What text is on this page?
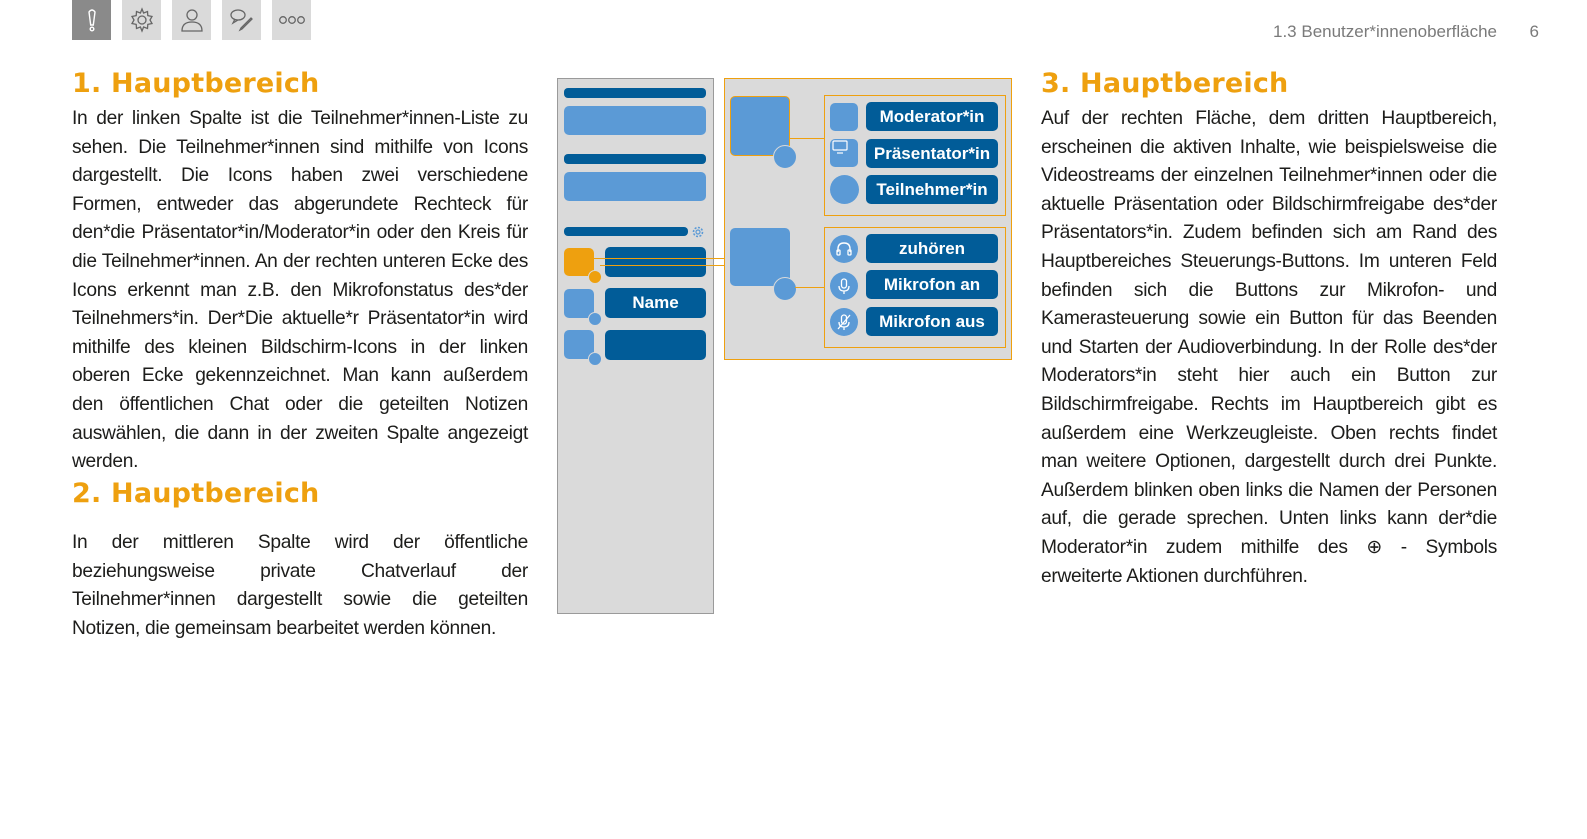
1.3 Benutzer*innenoberfläche 6
1. Hauptbereich

In der linken Spalte ist die Teilnehmer*innen-Liste zu sehen. Die Teilnehmer*innen sind mithilfe von Icons dargestellt. Die Icons haben zwei verschiedene Formen, entweder das abgerundete Rechteck für den*die Präsentator*in/Moderator*in oder den Kreis für die Teilnehmer*innen. An der rechten unteren Ecke des Icons erkennt man z.B. den Mikrofonstatus des*der Teilnehmers*in. Der*Die aktuelle*r Präsentator*in wird mithilfe des kleinen Bildschirm-Icons in der linken oberen Ecke gekennzeichnet. Man kann außerdem den öffentlichen Chat oder die geteilten Notizen auswählen, die dann in der zweiten Spalte angezeigt werden.

2. Hauptbereich

In der mittleren Spalte wird der öffentliche beziehungsweise private Chatverlauf der Teilnehmer*innen dargestellt sowie die geteilten Notizen, die gemeinsam bearbeitet werden können.

3. Hauptbereich

Auf der rechten Fläche, dem dritten Hauptbereich, erscheinen die aktiven Inhalte, wie beispielsweise die Videostreams der einzelnen Teilnehmer*innen oder die aktuelle Präsentation oder Bildschirmfreigabe des*der Präsentators*in. Zudem befinden sich am Rand des Hauptbereiches Steuerungs-Buttons. Im unteren Feld befinden sich die Buttons zur Mikrofon- und Kamerasteuerung sowie ein Button für das Beenden und Starten der Audioverbindung. In der Rolle des*der Moderators*in steht hier auch ein Button zur Bildschirmfreigabe. Rechts im Hauptbereich gibt es außerdem eine Werkzeugleiste. Oben rechts findet man weitere Optionen, dargestellt durch drei Punkte. Außerdem blinken oben links die Namen der Personen auf, die gerade sprechen. Unten links kann der*die Moderator*in zudem mithilfe des ⊕ - Symbols erweiterte Aktionen durchführen.

Name
Moderator*in
Präsentator*in
Teilnehmer*in
zuhören
Mikrofon an
Mikrofon aus
